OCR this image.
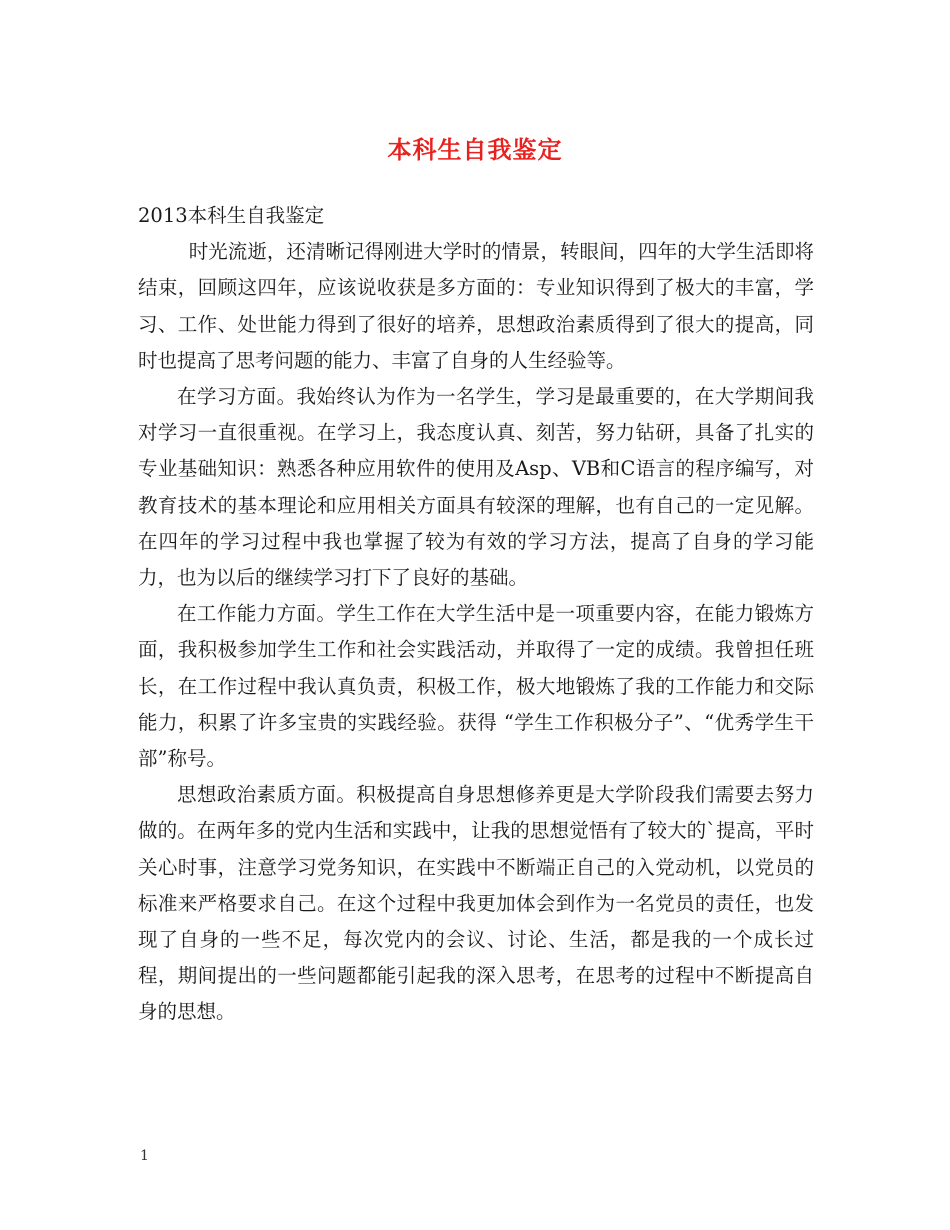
本科生自我鉴定

2013本科生自我鉴定

时光流逝，还清晰记得刚进大学时的情景，转眼间，四年的大学生活即将结束，回顾这四年，应该说收获是多方面的：专业知识得到了极大的丰富，学习、工作、处世能力得到了很好的培养，思想政治素质得到了很大的提高，同时也提高了思考问题的能力、丰富了自身的人生经验等。

在学习方面。我始终认为作为一名学生，学习是最重要的，在大学期间我对学习一直很重视。在学习上，我态度认真、刻苦，努力钻研，具备了扎实的专业基础知识：熟悉各种应用软件的使用及Asp、VB和C语言的程序编写，对教育技术的基本理论和应用相关方面具有较深的理解，也有自己的一定见解。在四年的学习过程中我也掌握了较为有效的学习方法，提高了自身的学习能力，也为以后的继续学习打下了良好的基础。

在工作能力方面。学生工作在大学生活中是一项重要内容，在能力锻炼方面，我积极参加学生工作和社会实践活动，并取得了一定的成绩。我曾担任班长，在工作过程中我认真负责，积极工作，极大地锻炼了我的工作能力和交际能力，积累了许多宝贵的实践经验。获得 “学生工作积极分子”、“优秀学生干部”称号。

思想政治素质方面。积极提高自身思想修养更是大学阶段我们需要去努力做的。在两年多的党内生活和实践中，让我的思想觉悟有了较大的`提高，平时关心时事，注意学习党务知识，在实践中不断端正自己的入党动机，以党员的标准来严格要求自己。在这个过程中我更加体会到作为一名党员的责任，也发现了自身的一些不足，每次党内的会议、讨论、生活，都是我的一个成长过程，期间提出的一些问题都能引起我的深入思考，在思考的过程中不断提高自身的思想。

1
